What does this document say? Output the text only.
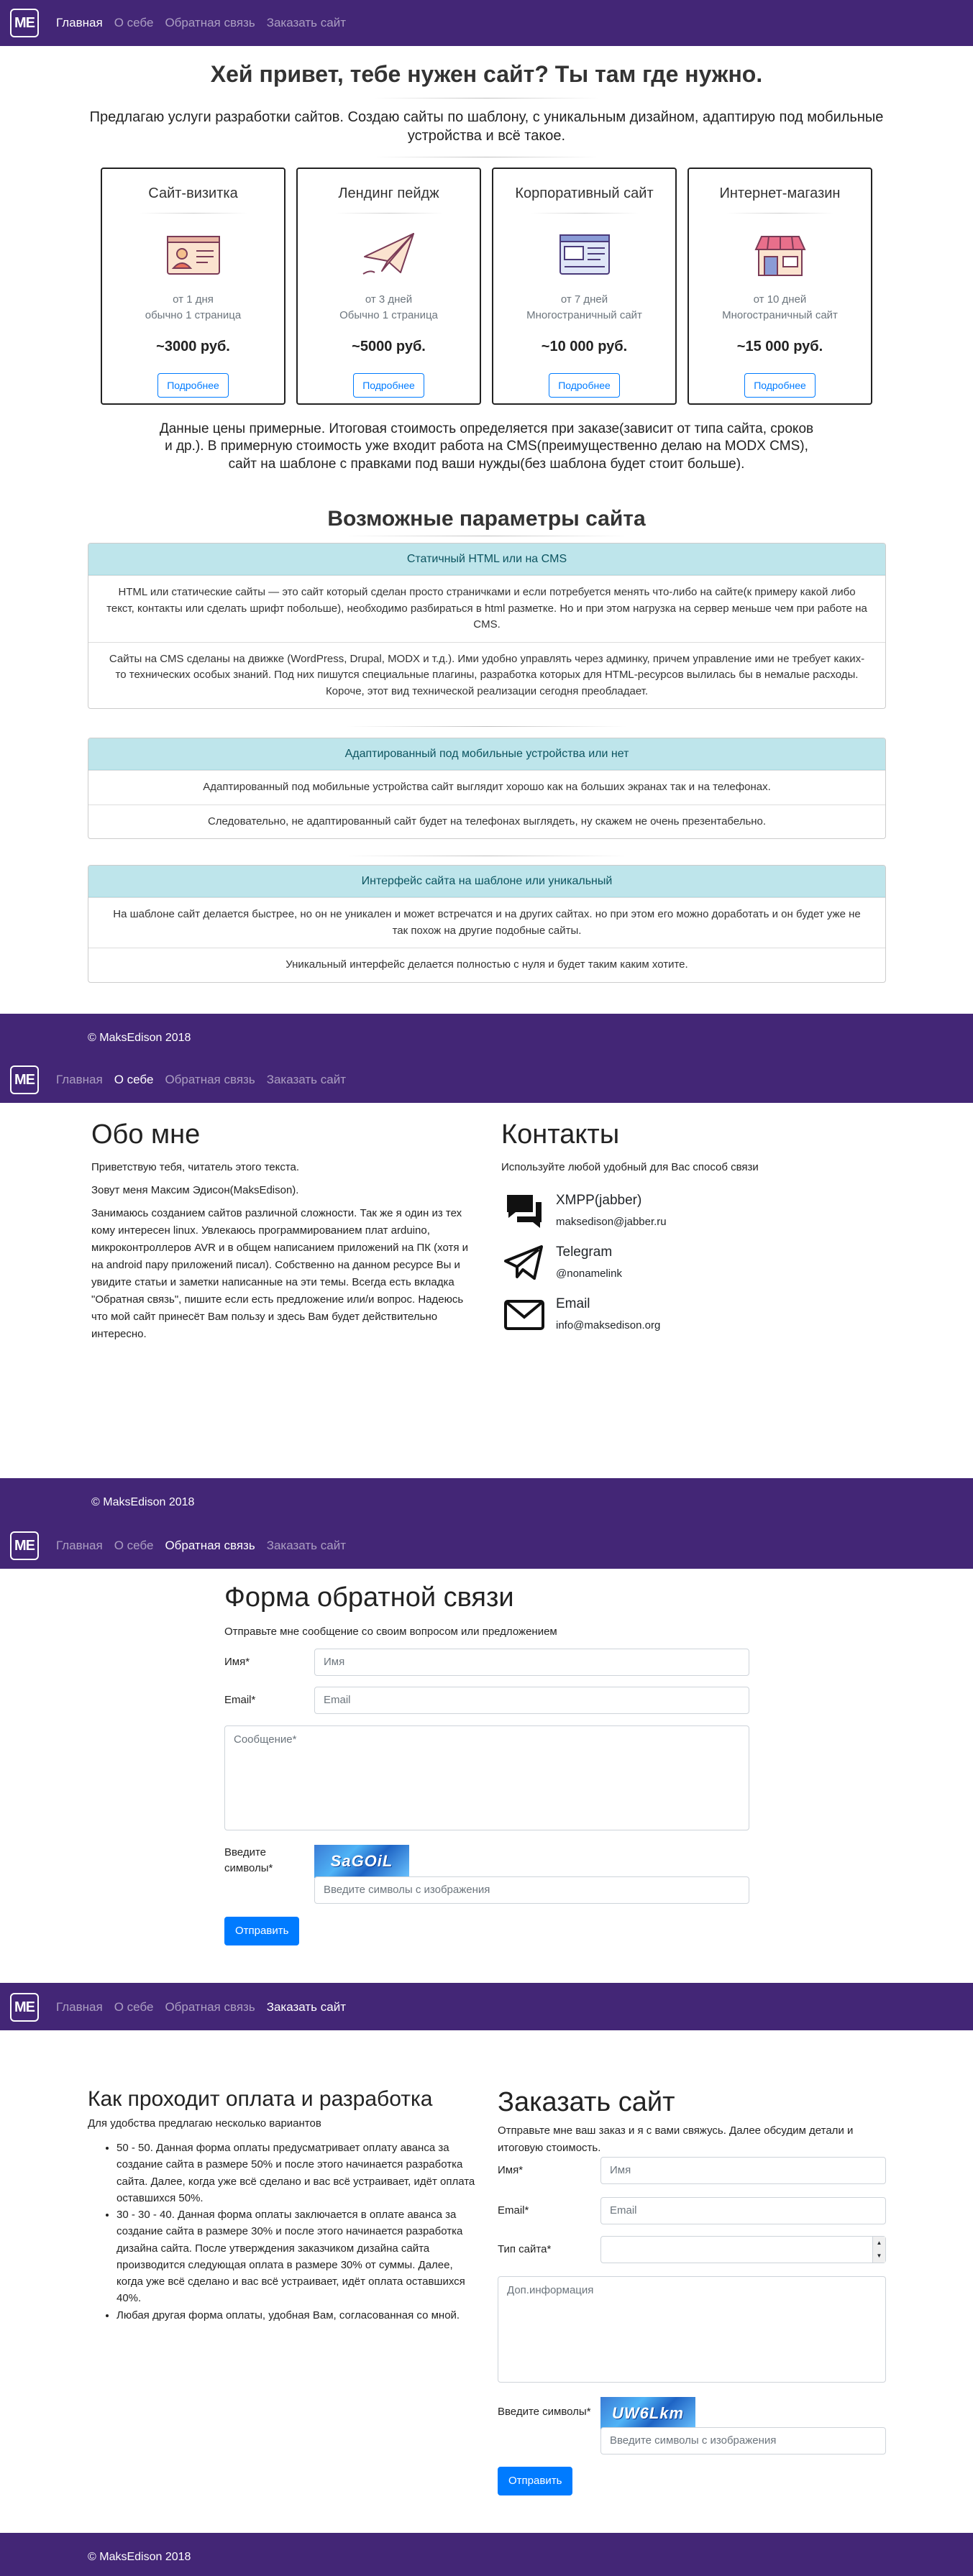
ME	Главная О себе Обратная связь Заказать сайт
Хей привет, тебе нужен сайт? Ты там где нужно.

Предлагаю услуги разработки сайтов. Создаю сайты по шаблону, с уникальным дизайном, адаптирую под мобильные устройства и всё такое.

Сайт-визитка
от 1 дня
обычно 1 страница
~3000 руб.
Подробнее
Лендинг пейдж
от 3 дней
Обычно 1 страница
~5000 руб.
Подробнее
Корпоративный сайт
от 7 дней
Многостраничный сайт
~10 000 руб.
Подробнее
Интернет-магазин
от 10 дней
Многостраничный сайт
~15 000 руб.
Подробнее

Данные цены примерные. Итоговая стоимость определяется при заказе(зависит от типа сайта, сроков и др.). В примерную стоимость уже входит работа на CMS(преимущественно делаю на MODX CMS), сайт на шаблоне с правками под ваши нужды(без шаблона будет стоит больше).

Возможные параметры сайта
Статичный HTML или на CMS
HTML или статические сайты — это сайт который сделан просто страничками и если потребуется менять что-либо на сайте(к примеру какой либо текст, контакты или сделать шрифт побольше), необходимо разбираться в html разметке. Но и при этом нагрузка на сервер меньше чем при работе на CMS.
Сайты на CMS сделаны на движке (WordPress, Drupal, MODX и т.д.). Ими удобно управлять через админку, причем управление ими не требует каких-то технических особых знаний. Под них пишутся специальные плагины, разработка которых для HTML-ресурсов вылилась бы в немалые расходы. Короче, этот вид технической реализации сегодня преобладает.
Адаптированный под мобильные устройства или нет
Адаптированный под мобильные устройства сайт выглядит хорошо как на больших экранах так и на телефонах.
Следовательно, не адаптированный сайт будет на телефонах выглядеть, ну скажем не очень презентабельно.
Интерфейс сайта на шаблоне или уникальный
На шаблоне сайт делается быстрее, но он не уникален и может встречатся и на других сайтах. но при этом его можно доработать и он будет уже не так похож на другие подобные сайты.
Уникальный интерфейс делается полностью с нуля и будет таким каким хотите.
© MaksEdison 2018
ME	Главная О себе Обратная связь Заказать сайт
Обо мне

Приветствую тебя, читатель этого текста.

Зовут меня Максим Эдисон(MaksEdison).

Занимаюсь созданием сайтов различной сложности. Так же я один из тех кому интересен linux. Увлекаюсь программированием плат arduino, микроконтроллеров AVR и в общем написанием приложений на ПК (хотя и на android пару приложений писал). Собственно на данном ресурсе Вы и увидите статьи и заметки написанные на эти темы. Всегда есть вкладка "Обратная связь", пишите если есть предложение или/и вопрос. Надеюсь что мой сайт принесёт Вам пользу и здесь Вам будет действительно интересно.

Контакты

Используйте любой удобный для Вас способ связи

XMPP(jabber)
maksedison@jabber.ru
Telegram
@nonamelink
Email
info@maksedison.org
© MaksEdison 2018
ME	Главная О себе Обратная связь Заказать сайт
Форма обратной связи

Отправьте мне сообщение со своим вопросом или предложением

Имя*	Имя
Email*	Email
Сообщение*
Введите символы*	SaGOiL
Введите символы с изображения
Отправить
ME	Главная О себе Обратная связь Заказать сайт
Как проходит оплата и разработка

Для удобства предлагаю несколько вариантов

• 50 - 50. Данная форма оплаты предусматривает оплату аванса за создание сайта в размере 50% и после этого начинается разработка сайта. Далее, когда уже всё сделано и вас всё устраивает, идёт оплата оставшихся 50%.
• 30 - 30 - 40. Данная форма оплаты заключается в оплате аванса за создание сайта в размере 30% и после этого начинается разработка дизайна сайта. После утверждения заказчиком дизайна сайта производится следующая оплата в размере 30% от суммы. Далее, когда уже всё сделано и вас всё устраивает, идёт оплата оставшихся 40%.
• Любая другая форма оплаты, удобная Вам, согласованная со мной.
Заказать сайт

Отправьте мне ваш заказ и я с вами свяжусь. Далее обсудим детали и итоговую стоимость.

Имя*	Имя
Email*	Email
Тип сайта*
▲
▼
Доп.информация
Введите символы*	UW6Lkm
Введите символы с изображения
Отправить
© MaksEdison 2018
